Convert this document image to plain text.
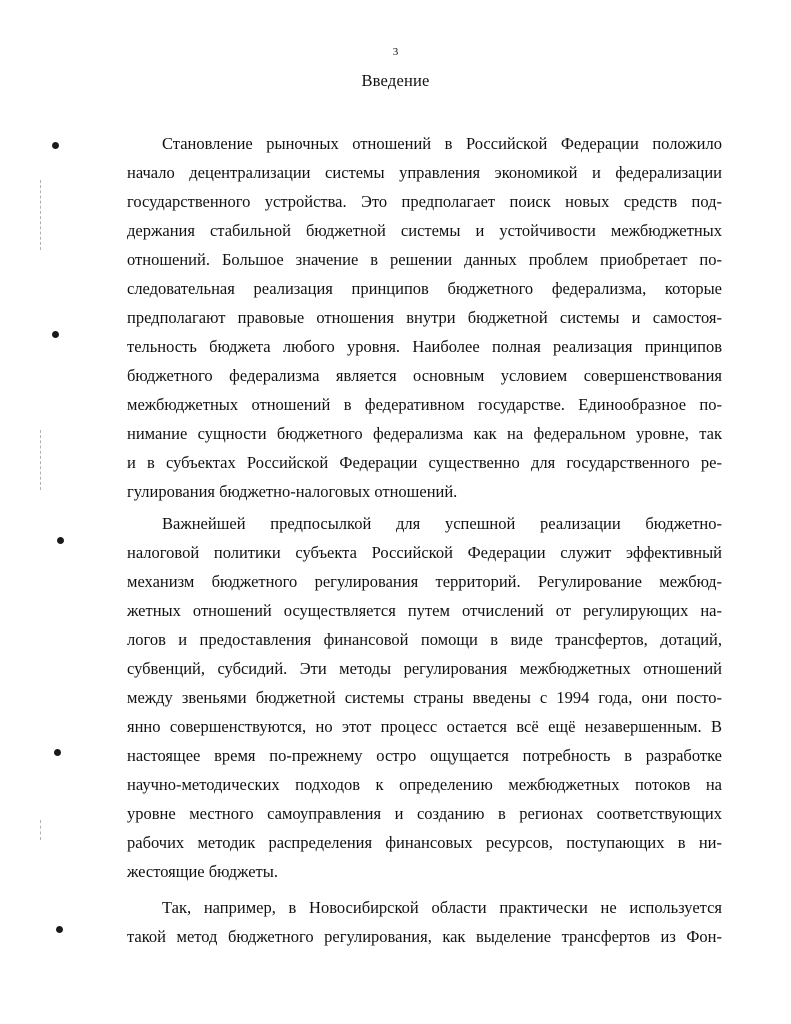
3
Введение
Становление рыночных отношений в Российской Федерации положило
начало децентрализации системы управления экономикой и федерализации
государственного устройства. Это предполагает поиск новых средств под-
держания стабильной бюджетной системы и устойчивости межбюджетных
отношений. Большое значение в решении данных проблем приобретает по-
следовательная реализация принципов бюджетного федерализма, которые
предполагают правовые отношения внутри бюджетной системы и самостоя-
тельность бюджета любого уровня. Наиболее полная реализация принципов
бюджетного федерализма является основным условием совершенствования
межбюджетных отношений в федеративном государстве. Единообразное по-
нимание сущности бюджетного федерализма как на федеральном уровне, так
и в субъектах Российской Федерации существенно для государственного ре-
гулирования бюджетно-налоговых отношений.
Важнейшей предпосылкой для успешной реализации бюджетно-
налоговой политики субъекта Российской Федерации служит эффективный
механизм бюджетного регулирования территорий. Регулирование межбюд-
жетных отношений осуществляется путем отчислений от регулирующих на-
логов и предоставления финансовой помощи в виде трансфертов, дотаций,
субвенций, субсидий. Эти методы регулирования межбюджетных отношений
между звеньями бюджетной системы страны введены с 1994 года, они посто-
янно совершенствуются, но этот процесс остается всё ещё незавершенным. В
настоящее время по-прежнему остро ощущается потребность в разработке
научно-методических подходов к определению межбюджетных потоков на
уровне местного самоуправления и созданию в регионах соответствующих
рабочих методик распределения финансовых ресурсов, поступающих в ни-
жестоящие бюджеты.
Так, например, в Новосибирской области практически не используется
такой метод бюджетного регулирования, как выделение трансфертов из Фон-
